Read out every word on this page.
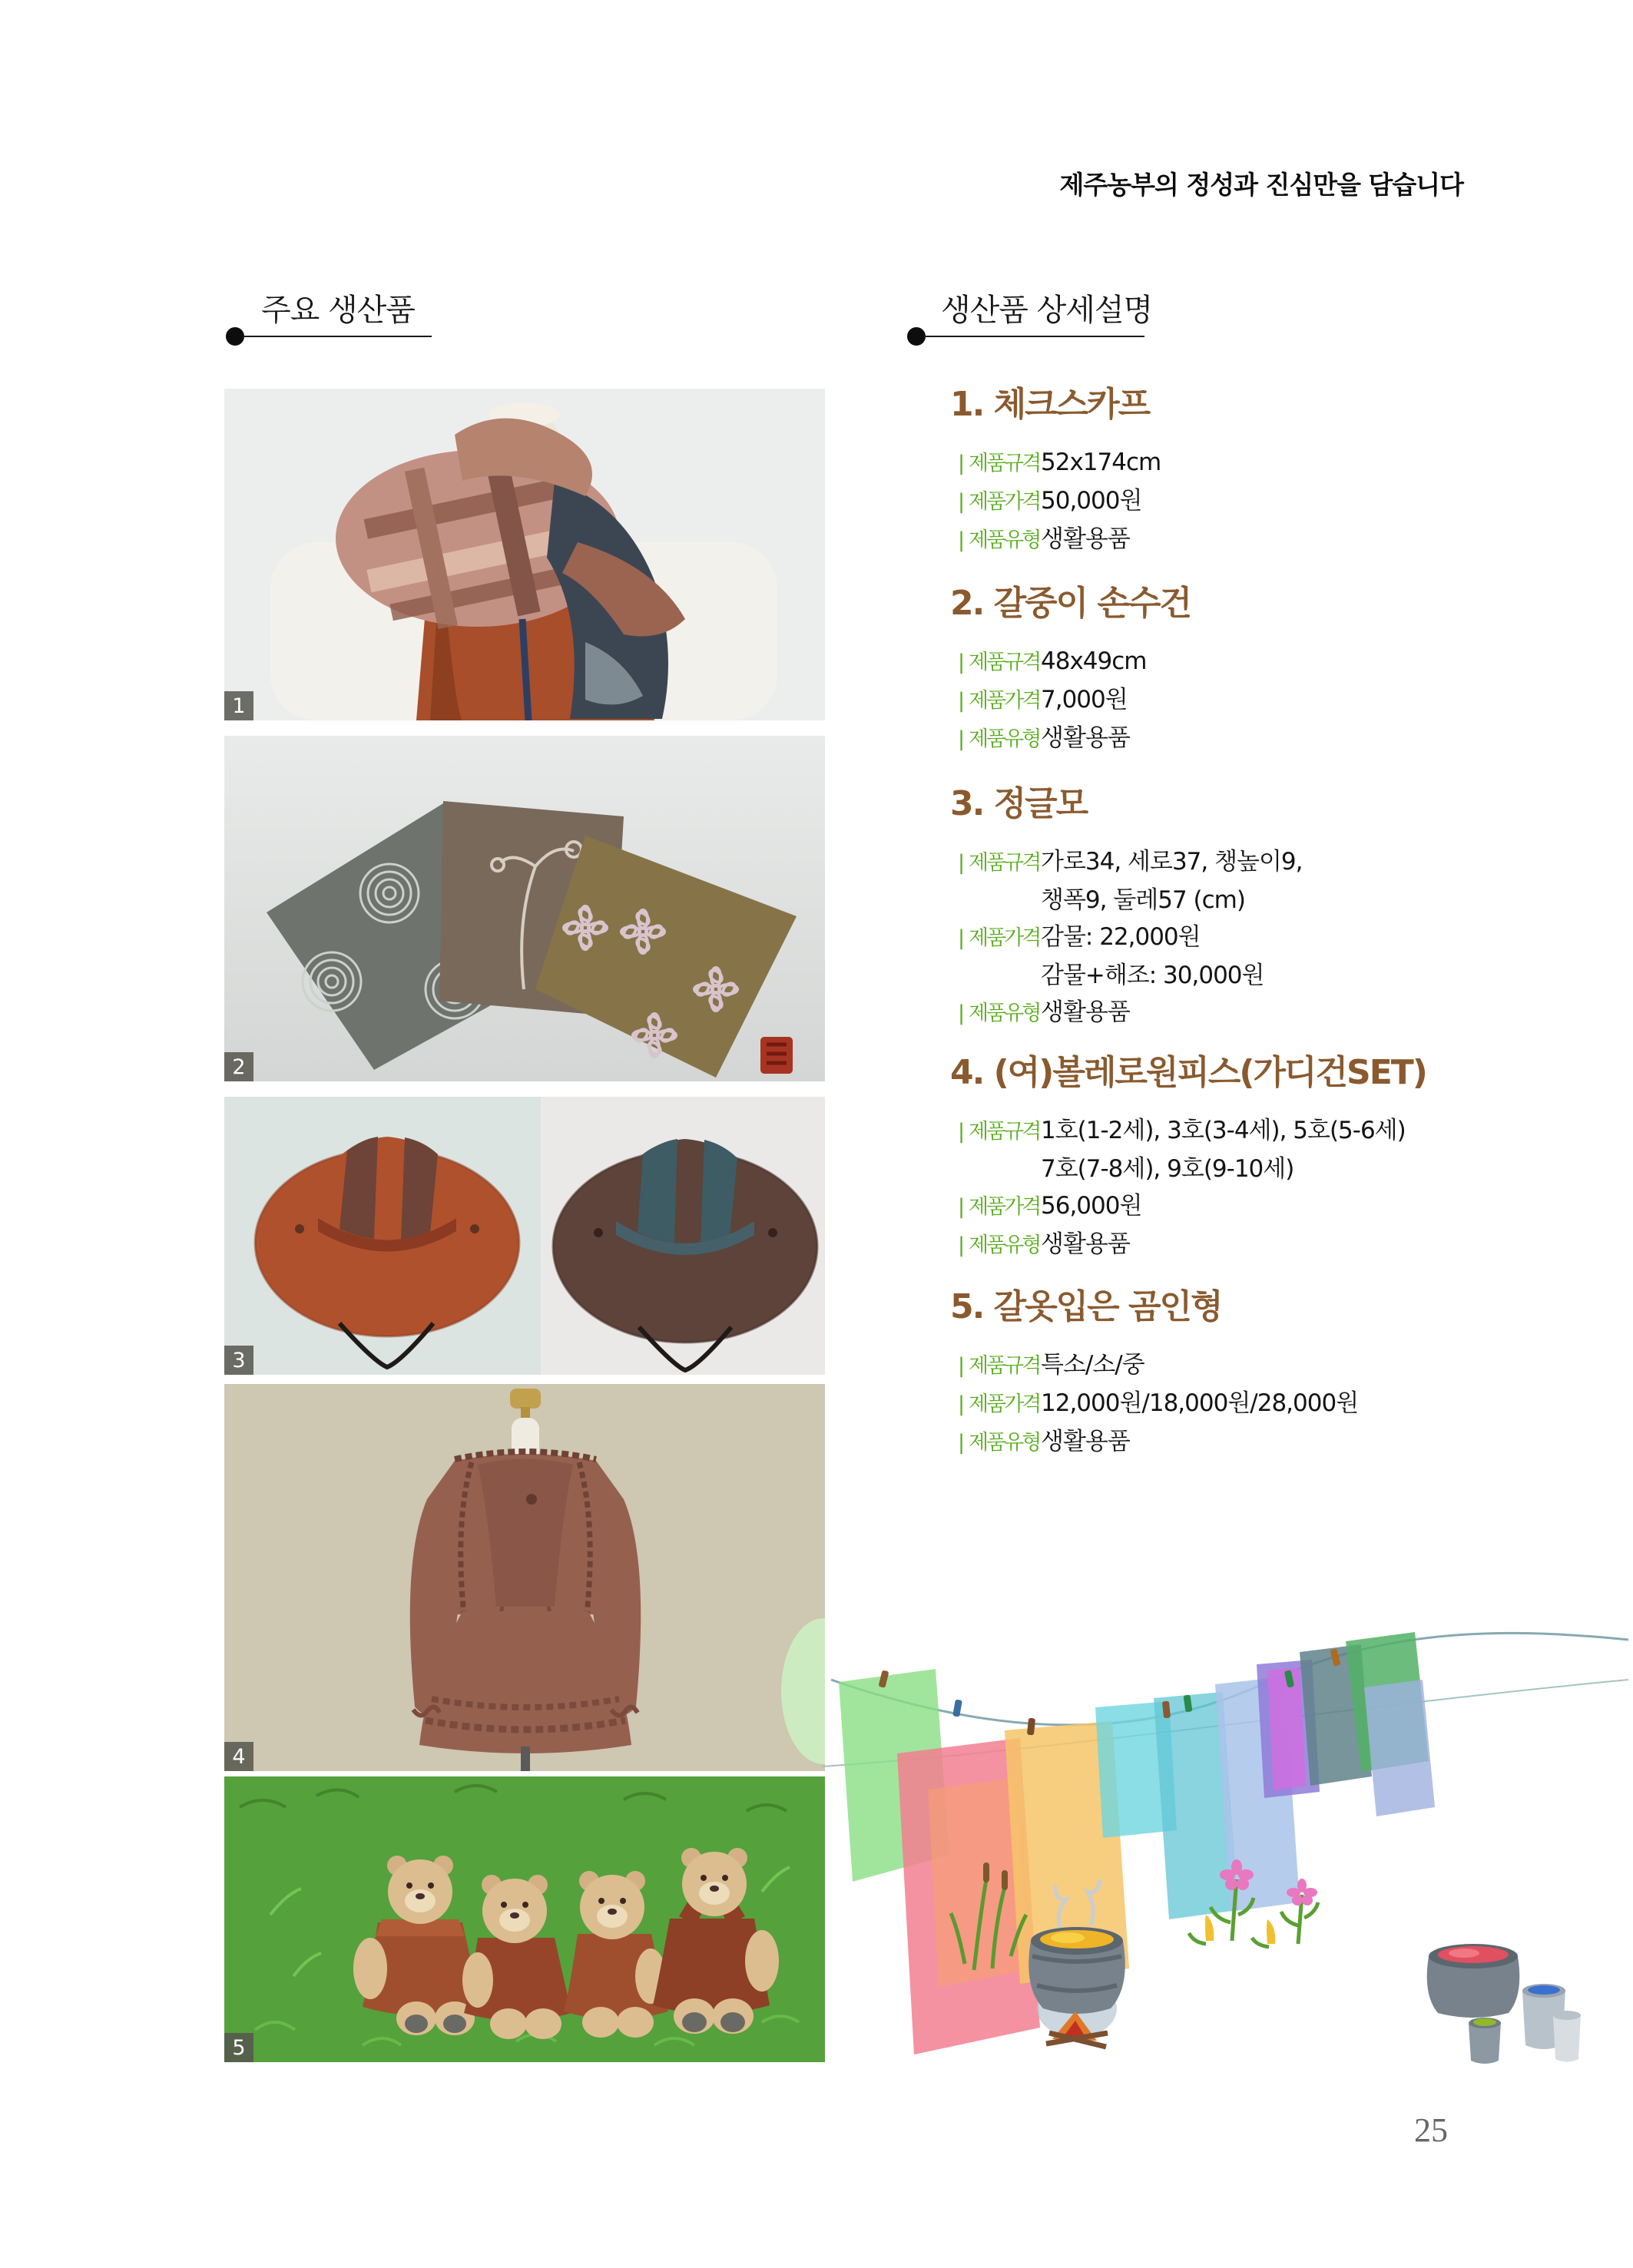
제주농부의 정성과 진심만을 담습니다
주요 생산품	생산품 상세설명
1
2
3
4
5
1. 체크스카프
| 제품규격 52x174cm
| 제품가격 50,000원
| 제품유형 생활용품
2. 갈중이 손수건
| 제품규격 48x49cm
| 제품가격 7,000원
| 제품유형 생활용품
3. 정글모
| 제품규격 가로34, 세로37, 챙높이9,
챙폭9, 둘레57 (cm)
| 제품가격 감물: 22,000원
감물+해조: 30,000원
| 제품유형 생활용품
4. (여)볼레로원피스(가디건SET)
| 제품규격 1호(1-2세), 3호(3-4세), 5호(5-6세)
7호(7-8세), 9호(9-10세)
| 제품가격 56,000원
| 제품유형 생활용품
5. 갈옷입은 곰인형
| 제품규격 특소/소/중
| 제품가격 12,000원/18,000원/28,000원
| 제품유형 생활용품
25
